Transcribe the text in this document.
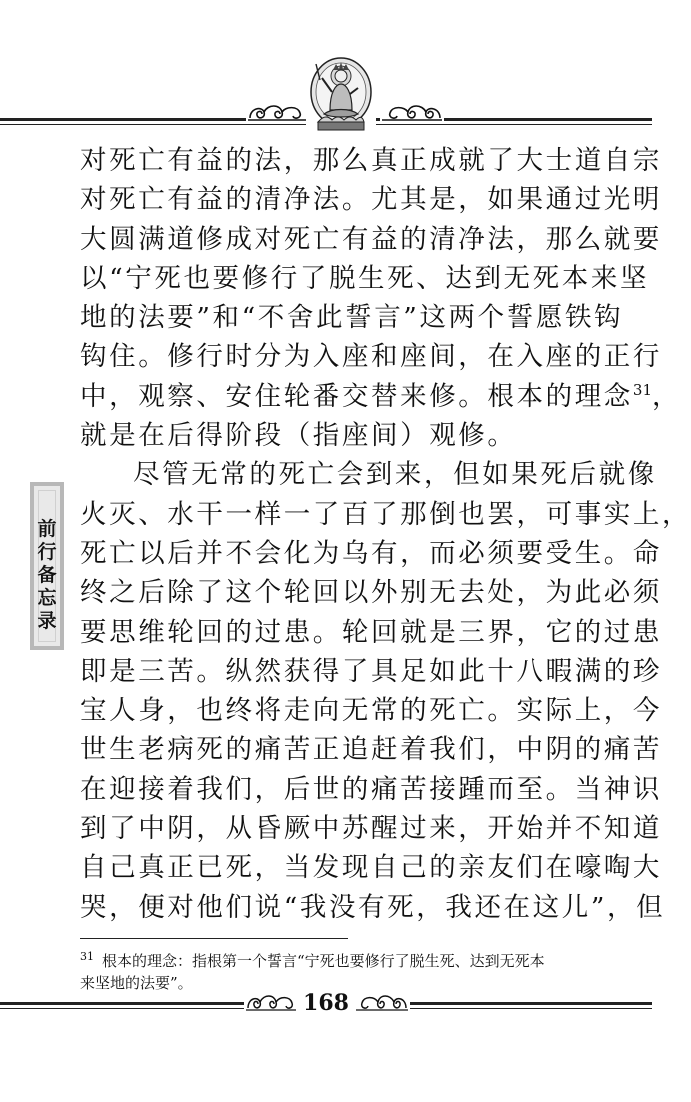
前
行
备
忘
录
对死亡有益的法，那么真正成就了大士道自宗
对死亡有益的清净法。尤其是，如果通过光明
大圆满道修成对死亡有益的清净法，那么就要
以“宁死也要修行了脱生死、达到无死本来坚
地的法要”和“不舍此誓言”这两个誓愿铁钩
钩住。修行时分为入座和座间，在入座的正行
中，观察、安住轮番交替来修。根本的理念$^{31}$，
就是在后得阶段（指座间）观修。
尽管无常的死亡会到来，但如果死后就像
火灭、水干一样一了百了那倒也罢，可事实上，
死亡以后并不会化为乌有，而必须要受生。命
终之后除了这个轮回以外别无去处，为此必须
要思维轮回的过患。轮回就是三界，它的过患
即是三苦。纵然获得了具足如此十八暇满的珍
宝人身，也终将走向无常的死亡。实际上，今
世生老病死的痛苦正追赶着我们，中阴的痛苦
在迎接着我们，后世的痛苦接踵而至。当神识
到了中阴，从昏厥中苏醒过来，开始并不知道
自己真正已死，当发现自己的亲友们在嚎啕大
哭，便对他们说“我没有死，我还在这儿”，但
$^{31}$ 根本的理念：指根第一个誓言“宁死也要修行了脱生死、达到无死本
来坚地的法要”。
168
